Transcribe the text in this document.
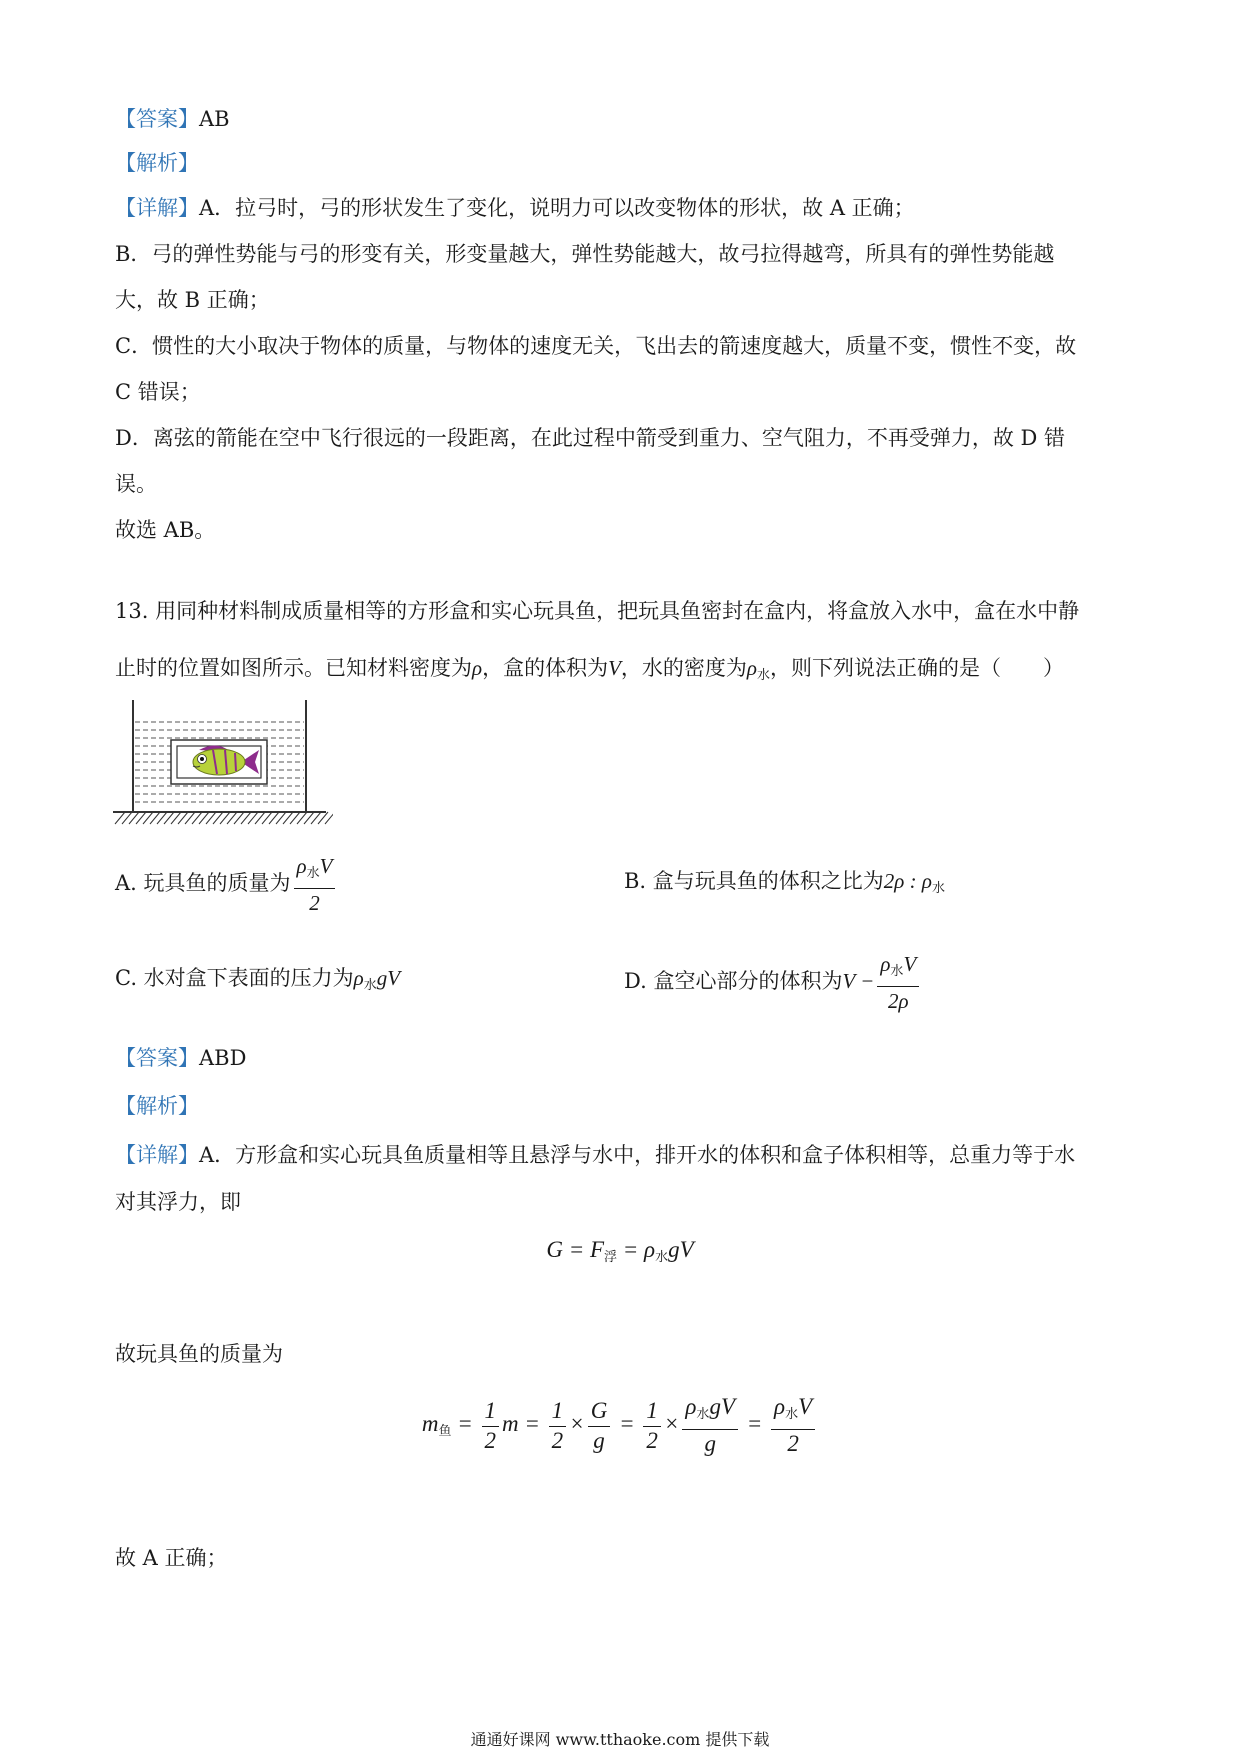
【答案】AB
【解析】
【详解】A．拉弓时，弓的形状发生了变化，说明力可以改变物体的形状，故 A 正确；
B．弓的弹性势能与弓的形变有关，形变量越大，弹性势能越大，故弓拉得越弯，所具有的弹性势能越
大，故 B 正确；
C．惯性的大小取决于物体的质量，与物体的速度无关，飞出去的箭速度越大，质量不变，惯性不变，故
C 错误；
D．离弦的箭能在空中飞行很远的一段距离，在此过程中箭受到重力、空气阻力，不再受弹力，故 D 错
误。
故选 AB。
13. 用同种材料制成质量相等的方形盒和实心玩具鱼，把玩具鱼密封在盒内，将盒放入水中，盒在水中静
止时的位置如图所示。已知材料密度为ρ，盒的体积为V，水的密度为$\rho_水$，则下列说法正确的是（　　）
A. 玩具鱼的质量为 $\frac{\rho_水V}{2}$	B. 盒与玩具鱼的体积之比为2ρ : $\rho_水$
C. 水对盒下表面的压力为$\rho_水gV$	D. 盒空心部分的体积为$V - \frac{\rho_水V}{2\rho}$
【答案】ABD
【解析】
【详解】A．方形盒和实心玩具鱼质量相等且悬浮与水中，排开水的体积和盒子体积相等，总重力等于水
对其浮力，即
$G = F_浮 = \rho_水gV$
故玩具鱼的质量为
$m_鱼 = \frac{1}{2}$ $m = \frac{1}{2} \times \frac{G}{g} = \frac{1}{2} \times \frac{\rho_水gV}{g} = \frac{\rho_水V}{2}$
故 A 正确；
通通好课网 www.tthaoke.com 提供下载
